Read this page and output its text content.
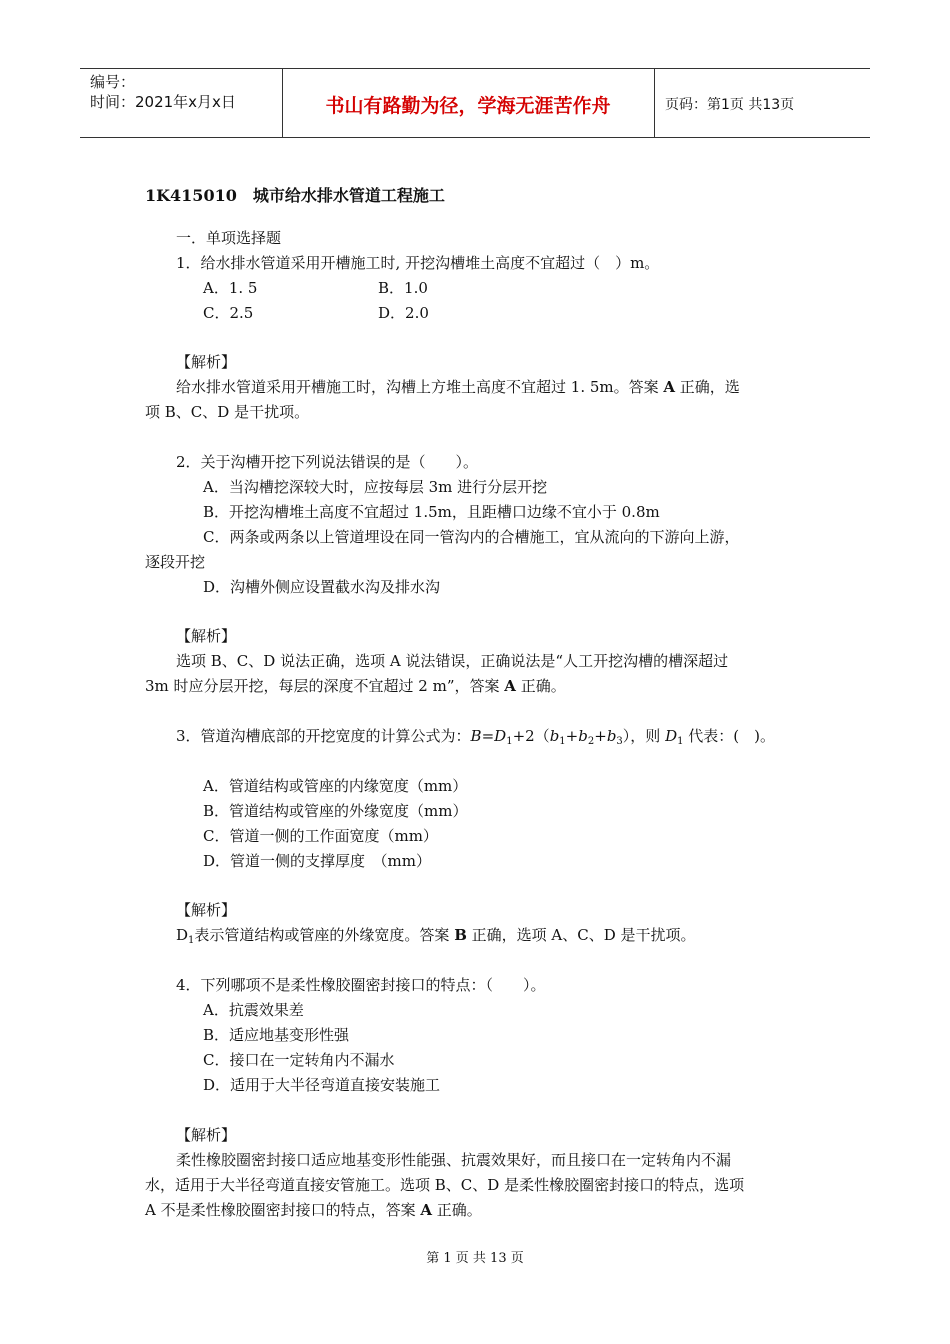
编号：
时间：2021年x月x日	书山有路勤为径，学海无涯苦作舟	页码：第1页 共13页
1K415010　城市给水排水管道工程施工
一．单项选择题
1．给水排水管道采用开槽施工时, 开挖沟槽堆土高度不宜超过（　）m。
A．1. 5	B．1.0
C．2.5	D．2.0
【解析】
给水排水管道采用开槽施工时，沟槽上方堆土高度不宜超过 1. 5m。答案 A 正确，选
项 B、C、D 是干扰项。
2．关于沟槽开挖下列说法错误的是（　　）。
A．当沟槽挖深较大时，应按每层 3m 进行分层开挖
B．开挖沟槽堆土高度不宜超过 1.5m，且距槽口边缘不宜小于 0.8m
C．两条或两条以上管道埋设在同一管沟内的合槽施工，宜从流向的下游向上游，
逐段开挖
D．沟槽外侧应设置截水沟及排水沟
【解析】
选项 B、C、D 说法正确，选项 A 说法错误，正确说法是“人工开挖沟槽的槽深超过
3m 时应分层开挖，每层的深度不宜超过 2 m”，答案 A 正确。
3．管道沟槽底部的开挖宽度的计算公式为：$B=D_1+2(b_1+b_2+b_3)$，则 $D_1$ 代表：(　)。
A．管道结构或管座的内缘宽度（mm）
B．管道结构或管座的外缘宽度（mm）
C．管道一侧的工作面宽度（mm）
D．管道一侧的支撑厚度　（mm）
【解析】
$D_1$表示管道结构或管座的外缘宽度。答案 B 正确，选项 A、C、D 是干扰项。
4．下列哪项不是柔性橡胶圈密封接口的特点：（　　）。
A．抗震效果差
B．适应地基变形性强
C．接口在一定转角内不漏水
D．适用于大半径弯道直接安装施工
【解析】
柔性橡胶圈密封接口适应地基变形性能强、抗震效果好，而且接口在一定转角内不漏
水，适用于大半径弯道直接安管施工。选项 B、C、D 是柔性橡胶圈密封接口的特点，选项
A 不是柔性橡胶圈密封接口的特点，答案 A 正确。
第 1 页 共 13 页
